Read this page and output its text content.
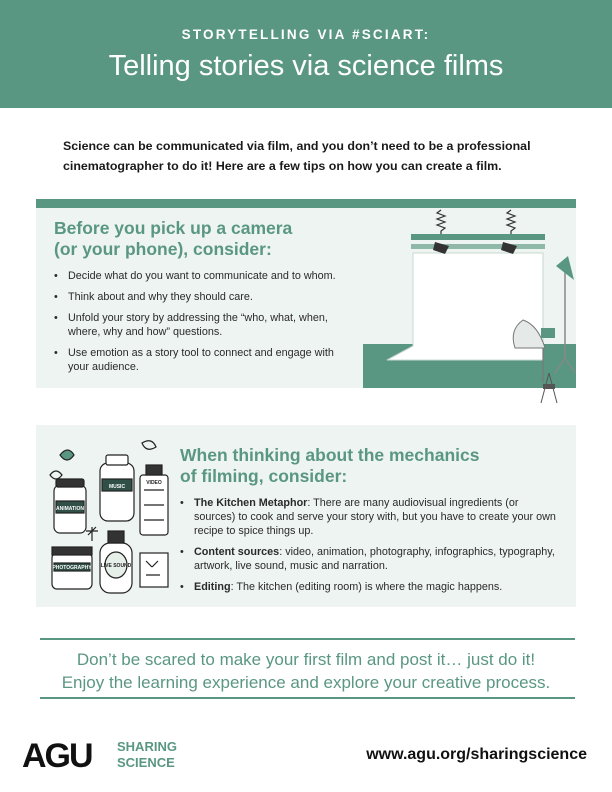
STORYTELLING VIA #SCIART:
Telling stories via science films
Science can be communicated via film, and you don’t need to be a professional cinematographer to do it! Here are a few tips on how you can create a film.
Before you pick up a camera
(or your phone), consider:
• Decide what do you want to communicate and to whom.
• Think about and why they should care.
• Unfold your story by addressing the “who, what, when, where, why and how” questions.
• Use emotion as a story tool to connect and engage with your audience.
MUSIC
ANIMATION
PHOTOGRAPHY LIVE SOUND
VIDEO
When thinking about the mechanics
of filming, consider:
• The Kitchen Metaphor: There are many audiovisual ingredients (or sources) to cook and serve your story with, but you have to create your own recipe to spice things up.
• Content sources: video, animation, photography, infographics, typography, artwork, live sound, music and narration.
• Editing: The kitchen (editing room) is where the magic happens.
Don’t be scared to make your first film and post it… just do it!
Enjoy the learning experience and explore your creative process.
AGU SHARING
SCIENCE	www.agu.org/sharingscience
